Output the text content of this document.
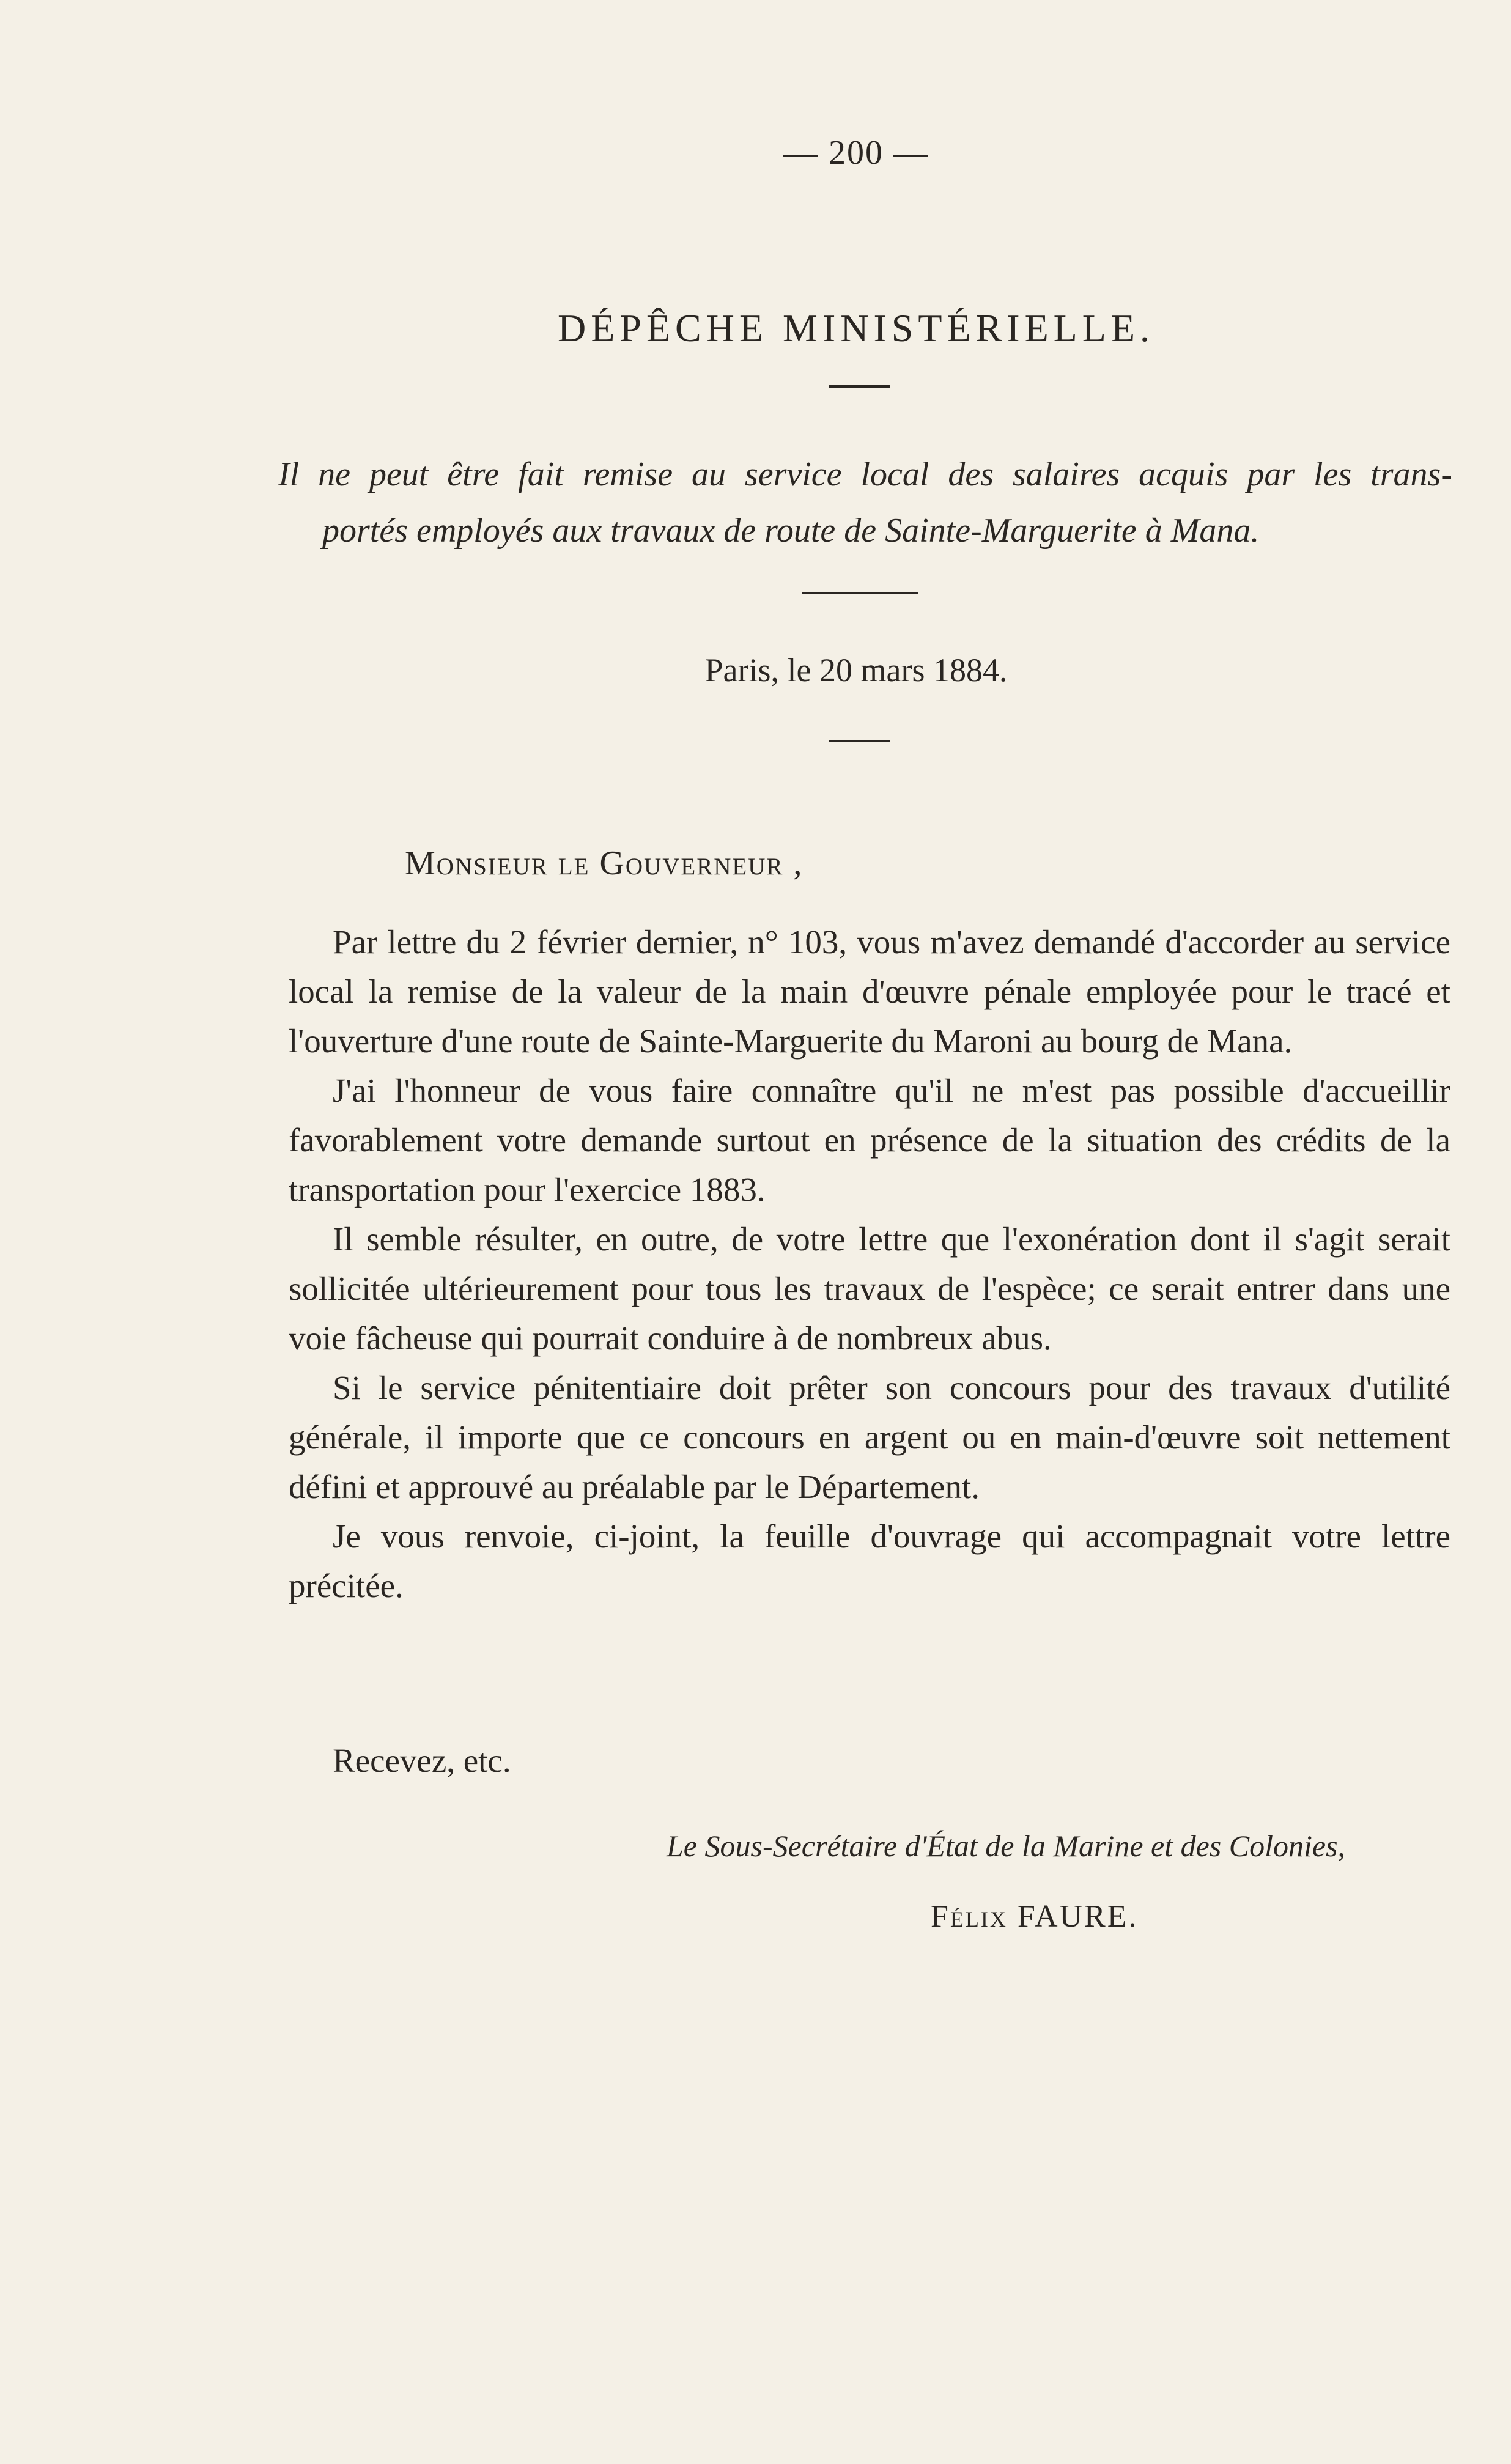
— 200 —
DÉPÊCHE MINISTÉRIELLE.
Il ne peut être fait remise au service local des salaires acquis par les trans-
portés employés aux travaux de route de Sainte-Marguerite à Mana.
Paris, le 20 mars 1884.
Monsieur le Gouverneur ,

Par lettre du 2 février dernier, n° 103, vous m'avez demandé d'accorder au service local la remise de la valeur de la main d'œuvre pénale employée pour le tracé et l'ouverture d'une route de Sainte-Marguerite du Maroni au bourg de Mana.

J'ai l'honneur de vous faire connaître qu'il ne m'est pas possible d'accueillir favorablement votre demande surtout en présence de la situation des crédits de la transportation pour l'exercice 1883.

Il semble résulter, en outre, de votre lettre que l'exonération dont il s'agit serait sollicitée ultérieurement pour tous les travaux de l'espèce; ce serait entrer dans une voie fâcheuse qui pourrait conduire à de nombreux abus.

Si le service pénitentiaire doit prêter son concours pour des travaux d'utilité générale, il importe que ce concours en argent ou en main-d'œuvre soit nettement défini et approuvé au préalable par le Département.

Je vous renvoie, ci-joint, la feuille d'ouvrage qui accompagnait votre lettre précitée.

Recevez, etc.
Le Sous-Secrétaire d'État de la Marine et des Colonies,
Félix FAURE.
